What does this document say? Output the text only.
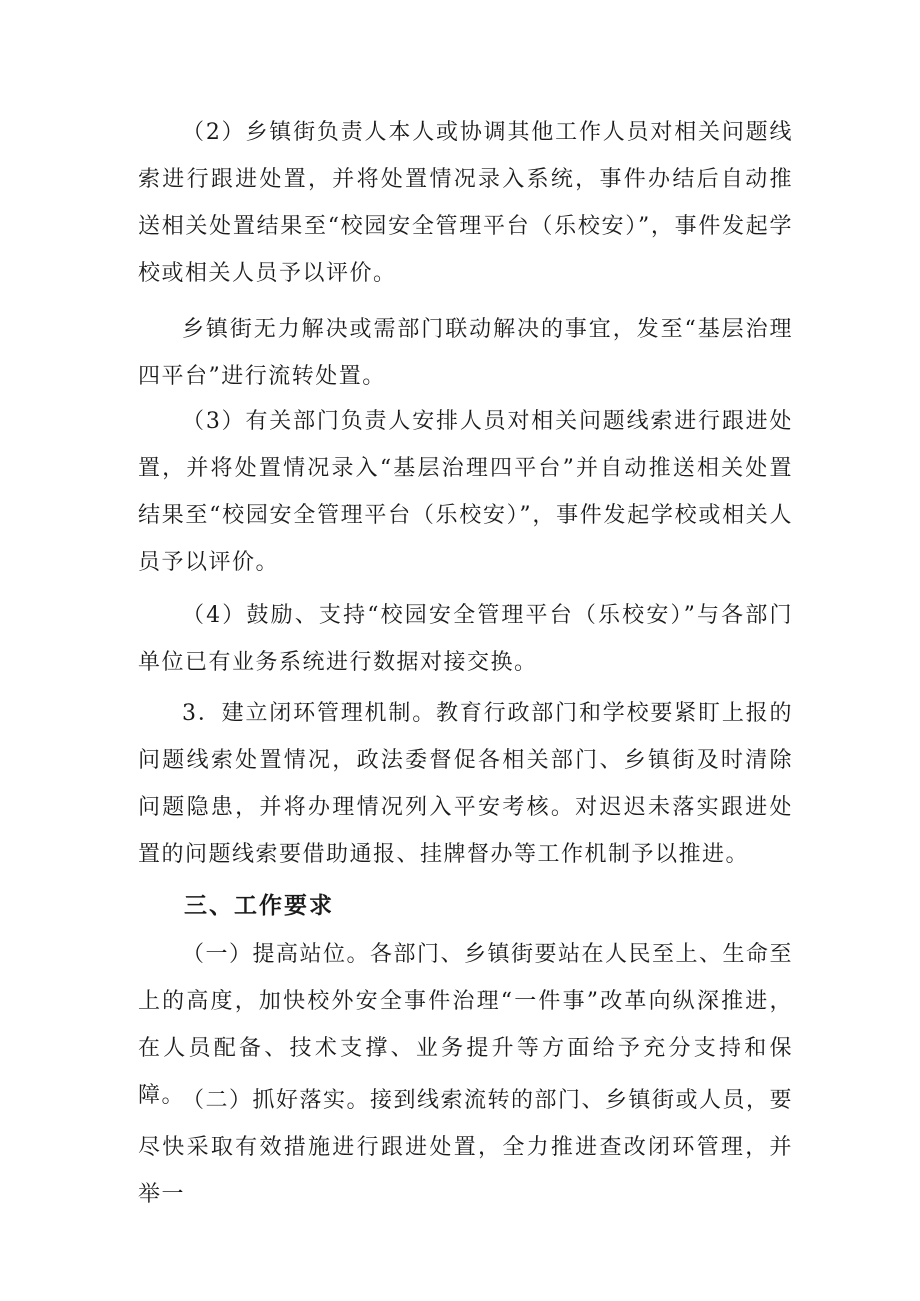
（2）乡镇街负责人本人或协调其他工作人员对相关问题线索进行跟进处置，并将处置情况录入系统，事件办结后自动推送相关处置结果至“校园安全管理平台（乐校安）”，事件发起学校或相关人员予以评价。

乡镇街无力解决或需部门联动解决的事宜，发至“基层治理四平台”进行流转处置。

（3）有关部门负责人安排人员对相关问题线索进行跟进处置，并将处置情况录入“基层治理四平台”并自动推送相关处置结果至“校园安全管理平台（乐校安）”，事件发起学校或相关人员予以评价。

（4）鼓励、支持“校园安全管理平台（乐校安）”与各部门单位已有业务系统进行数据对接交换。

3．建立闭环管理机制。教育行政部门和学校要紧盯上报的问题线索处置情况，政法委督促各相关部门、乡镇街及时清除问题隐患，并将办理情况列入平安考核。对迟迟未落实跟进处置的问题线索要借助通报、挂牌督办等工作机制予以推进。

三、工作要求

（一）提高站位。各部门、乡镇街要站在人民至上、生命至上的高度，加快校外安全事件治理“一件事”改革向纵深推进，在人员配备、技术支撑、业务提升等方面给予充分支持和保障。

（二）抓好落实。接到线索流转的部门、乡镇街或人员，要尽快采取有效措施进行跟进处置，全力推进查改闭环管理，并举一
